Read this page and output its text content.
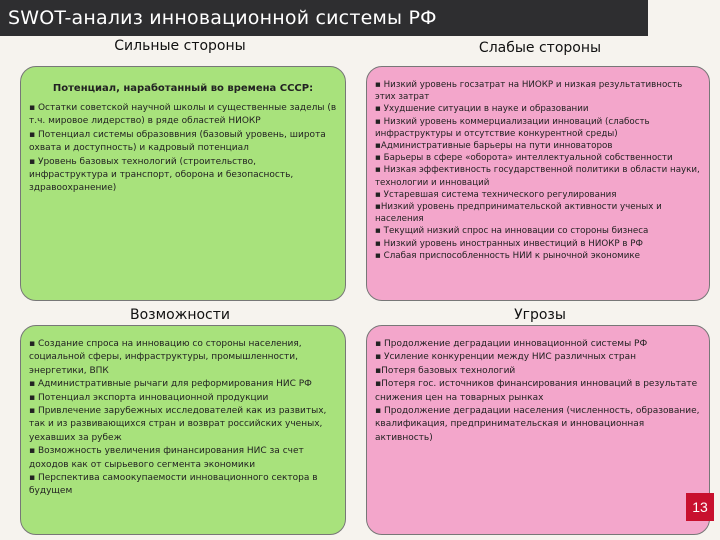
SWOT-анализ инновационной системы РФ
Сильные стороны	Слабые стороны
Потенциал, наработанный во времена СССР:
▪ Остатки советской научной школы и существенные заделы (в т.ч. мировое лидерство) в ряде областей НИОКР
▪ Потенциал системы образоввния (базовый уровень, широта охвата и доступность) и кадровый потенциал
▪ Уровень базовых технологий (строительство, инфраструктура и транспорт, оборона и безопасность, здравоохранение)
▪ Низкий уровень госзатрат на НИОКР и низкая результативность этих затрат
▪ Ухудшение ситуации в науке и образовании
▪ Низкий уровень коммерциализации инноваций (слабость инфраструктуры и отсутствие конкурентной среды)
▪Административные барьеры на пути инноваторов
▪ Барьеры в сфере «оборота» интеллектуальной собственности
▪ Низкая эффективность государственной политики в области науки, технологии и инноваций
▪ Устаревшая система технического регулирования
▪Низкий уровень предпринимательской активности ученых и населения
▪ Текущий низкий спрос на инновации со стороны бизнеса
▪ Низкий уровень иностранных инвестиций в НИОКР в РФ
▪ Слабая приспособленность НИИ к рыночной экономике
Возможности	Угрозы
▪ Создание спроса на инновацию со стороны населения, социальной сферы, инфраструктуры, промышленности, энергетики, ВПК
▪ Административные рычаги для реформирования НИС РФ
▪ Потенциал экспорта инновационной продукции
▪ Привлечение зарубежных исследователей как из развитых, так и из развивающихся стран и возврат российских ученых, уехавших за рубеж
▪ Возможность увеличения финансирования НИС за счет доходов как от сырьевого сегмента экономики
▪ Перспектива самоокупаемости инновационного сектора в будущем
▪ Продолжение деградации инновационной системы РФ
▪ Усиление конкуренции между НИС различных стран
▪Потеря базовых технологий
▪Потеря гос. источников финансирования инноваций в результате снижения цен на товарных рынках
▪ Продолжение деградации населения (численность, образование, квалификация, предпринимательская и инновационная активность)
13
